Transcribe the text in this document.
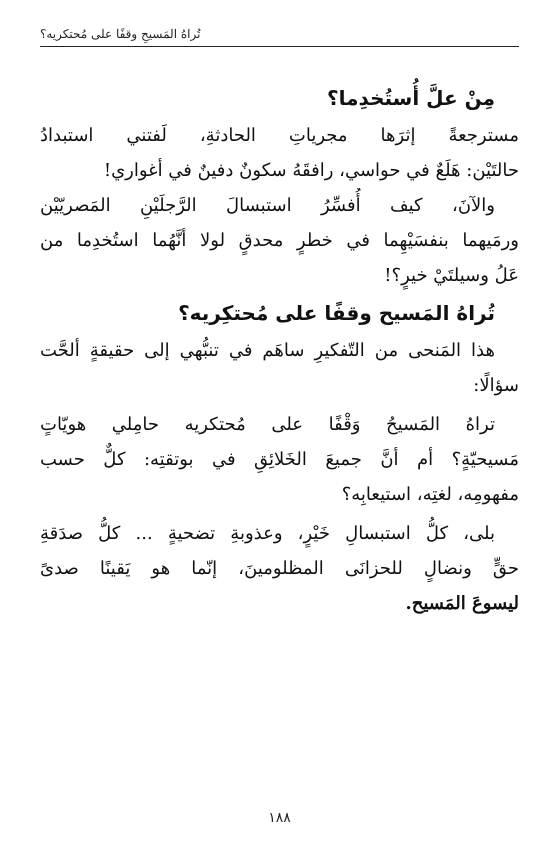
تُراهُ المَسيحِ وقفًا على مُحتكريه؟
مِنْ علَّ أُستُخدِما؟

مسترجعةً إثرَها مجرياتِ الحادثةِ، لَفتني استبدادُ
حالتَيْن: هَلَعٌ في حواسي، رافقَهُ سكونٌ دفينٌ في أغواري!
والآنَ، كيف أُفسِّرُ استبسالَ الرَّجلَيْنِ المَصريّيْن
ورمَيهما بنفسَيْهِما في خطرٍ محدقٍ لولا أنَّهُما استُخدِما من
عَلُ وسيلتَيْ خيرٍ؟!

تُراهُ المَسيح وقفًا على مُحتكِريه؟

هذا المَنحى من التّفكيرِ ساهَم في تنبُّهي إلى حقيقةٍ ألحَّت
سؤالًا:

تراهُ المَسيحُ وَقْفًا على مُحتكريه حامِلي هويّاتٍ
مَسيحيّةٍ؟ أم أنَّ جميعَ الخَلائِقِ في بوتقتِه: كلٌّ حسب
مفهومِه، لغتِه، استيعابِه؟

بلى، كلُّ استبسالِ خَيْرٍ، وعذوبةِ تضحيةٍ ... كلُّ صدَقةِ
حقٍّ ونضالٍ للحزانَى المظلومينَ، إنّما هو يَقينًا صدىً
ليسوعَ المَسيح.

١٨٨
